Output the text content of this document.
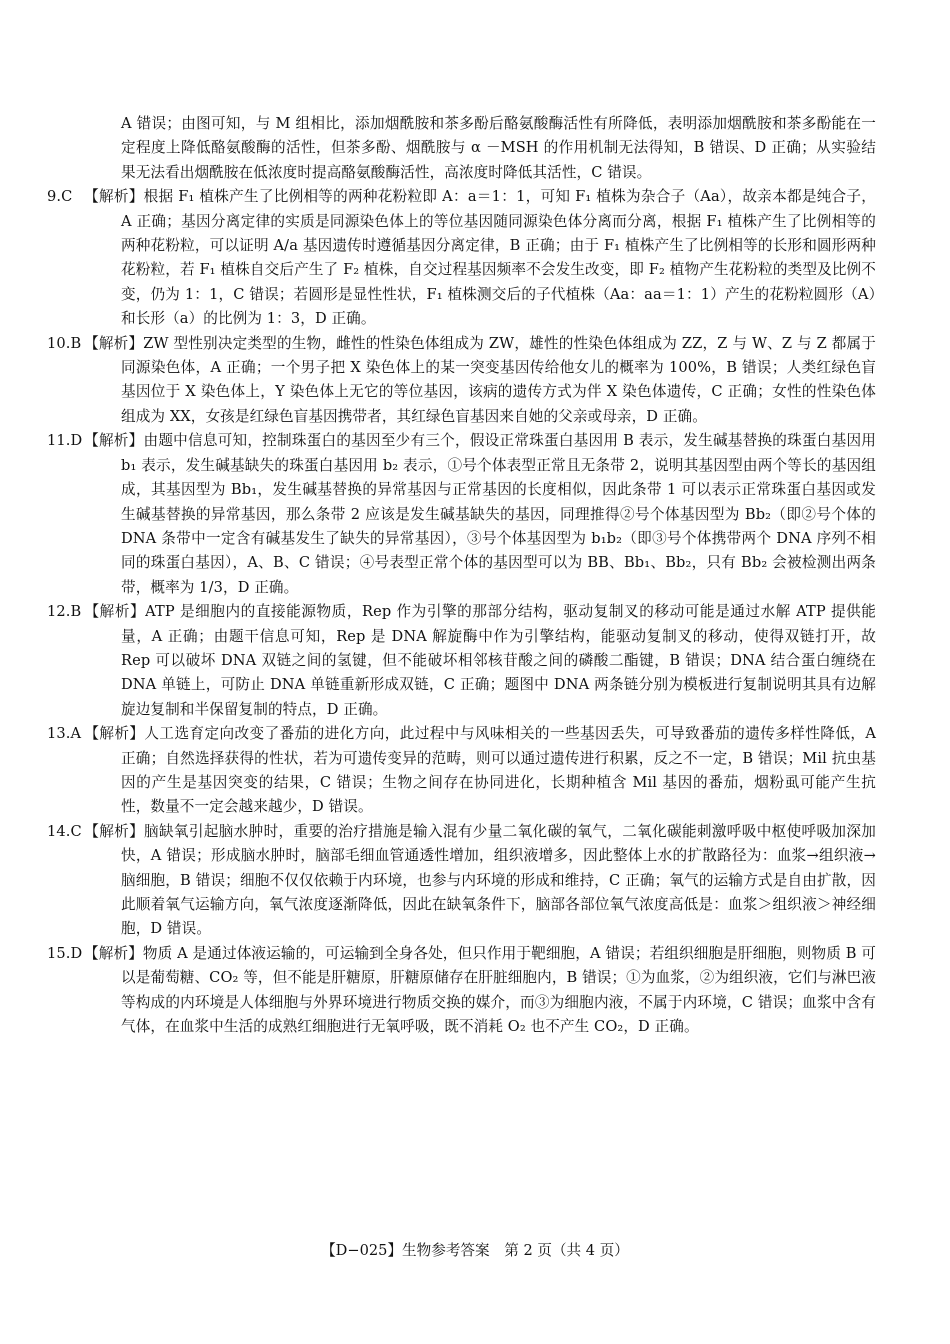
A 错误；由图可知，与 M 组相比，添加烟酰胺和茶多酚后酪氨酸酶活性有所降低，表明添加烟酰胺和茶多酚能在一定程度上降低酪氨酸酶的活性，但茶多酚、烟酰胺与 α －MSH 的作用机制无法得知，B 错误、D 正确；从实验结果无法看出烟酰胺在低浓度时提高酪氨酸酶活性，高浓度时降低其活性，C 错误。

9.C 【解析】根据 F₁ 植株产生了比例相等的两种花粉粒即 A：a＝1：1，可知 F₁ 植株为杂合子（Aa），故亲本都是纯合子，A 正确；基因分离定律的实质是同源染色体上的等位基因随同源染色体分离而分离，根据 F₁ 植株产生了比例相等的两种花粉粒，可以证明 A/a 基因遗传时遵循基因分离定律，B 正确；由于 F₁ 植株产生了比例相等的长形和圆形两种花粉粒，若 F₁ 植株自交后产生了 F₂ 植株，自交过程基因频率不会发生改变，即 F₂ 植物产生花粉粒的类型及比例不变，仍为 1：1，C 错误；若圆形是显性性状，F₁ 植株测交后的子代植株（Aa：aa＝1：1）产生的花粉粒圆形（A）和长形（a）的比例为 1：3，D 正确。

10.B 【解析】ZW 型性别决定类型的生物，雌性的性染色体组成为 ZW，雄性的性染色体组成为 ZZ，Z 与 W、Z 与 Z 都属于同源染色体，A 正确；一个男子把 X 染色体上的某一突变基因传给他女儿的概率为 100%，B 错误；人类红绿色盲基因位于 X 染色体上，Y 染色体上无它的等位基因，该病的遗传方式为伴 X 染色体遗传，C 正确；女性的性染色体组成为 XX，女孩是红绿色盲基因携带者，其红绿色盲基因来自她的父亲或母亲，D 正确。

11.D 【解析】由题中信息可知，控制珠蛋白的基因至少有三个，假设正常珠蛋白基因用 B 表示，发生碱基替换的珠蛋白基因用 b₁ 表示，发生碱基缺失的珠蛋白基因用 b₂ 表示，①号个体表型正常且无条带 2，说明其基因型由两个等长的基因组成，其基因型为 Bb₁，发生碱基替换的异常基因与正常基因的长度相似，因此条带 1 可以表示正常珠蛋白基因或发生碱基替换的异常基因，那么条带 2 应该是发生碱基缺失的基因，同理推得②号个体基因型为 Bb₂（即②号个体的 DNA 条带中一定含有碱基发生了缺失的异常基因），③号个体基因型为 b₁b₂（即③号个体携带两个 DNA 序列不相同的珠蛋白基因），A、B、C 错误；④号表型正常个体的基因型可以为 BB、Bb₁、Bb₂，只有 Bb₂ 会被检测出两条带，概率为 1/3，D 正确。

12.B 【解析】ATP 是细胞内的直接能源物质，Rep 作为引擎的那部分结构，驱动复制叉的移动可能是通过水解 ATP 提供能量，A 正确；由题干信息可知，Rep 是 DNA 解旋酶中作为引擎结构，能驱动复制叉的移动，使得双链打开，故 Rep 可以破坏 DNA 双链之间的氢键，但不能破坏相邻核苷酸之间的磷酸二酯键，B 错误；DNA 结合蛋白缠绕在 DNA 单链上，可防止 DNA 单链重新形成双链，C 正确；题图中 DNA 两条链分别为模板进行复制说明其具有边解旋边复制和半保留复制的特点，D 正确。

13.A 【解析】人工选育定向改变了番茄的进化方向，此过程中与风味相关的一些基因丢失，可导致番茄的遗传多样性降低，A 正确；自然选择获得的性状，若为可遗传变异的范畴，则可以通过遗传进行积累，反之不一定，B 错误；Mil 抗虫基因的产生是基因突变的结果，C 错误；生物之间存在协同进化，长期种植含 Mil 基因的番茄，烟粉虱可能产生抗性，数量不一定会越来越少，D 错误。

14.C 【解析】脑缺氧引起脑水肿时，重要的治疗措施是输入混有少量二氧化碳的氧气，二氧化碳能刺激呼吸中枢使呼吸加深加快，A 错误；形成脑水肿时，脑部毛细血管通透性增加，组织液增多，因此整体上水的扩散路径为：血浆→组织液→脑细胞，B 错误；细胞不仅仅依赖于内环境，也参与内环境的形成和维持，C 正确；氧气的运输方式是自由扩散，因此顺着氧气运输方向，氧气浓度逐渐降低，因此在缺氧条件下，脑部各部位氧气浓度高低是：血浆＞组织液＞神经细胞，D 错误。

15.D 【解析】物质 A 是通过体液运输的，可运输到全身各处，但只作用于靶细胞，A 错误；若组织细胞是肝细胞，则物质 B 可以是葡萄糖、CO₂ 等，但不能是肝糖原，肝糖原储存在肝脏细胞内，B 错误；①为血浆，②为组织液，它们与淋巴液等构成的内环境是人体细胞与外界环境进行物质交换的媒介，而③为细胞内液，不属于内环境，C 错误；血浆中含有气体，在血浆中生活的成熟红细胞进行无氧呼吸，既不消耗 O₂ 也不产生 CO₂，D 正确。

【D−025】生物参考答案　第 2 页（共 4 页）
